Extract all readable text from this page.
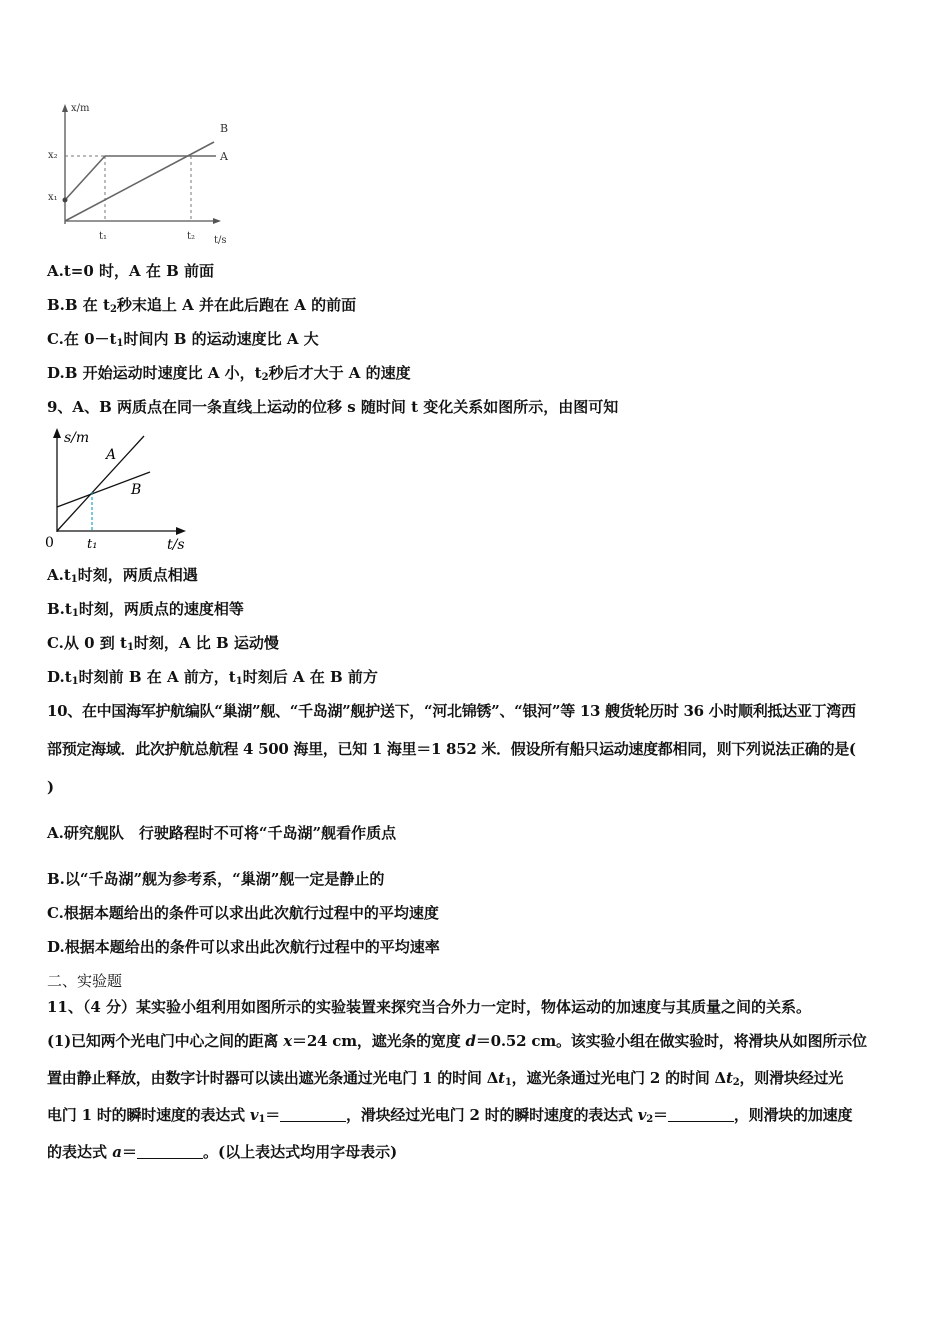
x/m
t/s
t₁	t₂
x₂
x₁
B
A
A.t=0 时，A 在 B 前面
B.B 在 $t_2$秒末追上 A 并在此后跑在 A 的前面
C.在 $0-t_1$时间内 B 的运动速度比 A 大
D.B 开始运动时速度比 A 小，$t_2$秒后才大于 A 的速度
9、A、B 两质点在同一条直线上运动的位移 s 随时间 t 变化关系如图所示，由图可知
s/m
t/s
0	t₁
A
B
$A.t_1$时刻，两质点相遇
$B.t_1$时刻，两质点的速度相等
C.从 0 到 $t_1$时刻，A 比 B 运动慢
$D.t_1$时刻前 B 在 A 前方，$t_1$时刻后 A 在 B 前方
10、在中国海军护航编队“巢湖”舰、“千岛湖”舰护送下，“河北锦锈”、“银河”等 13 艘货轮历时 36 小时顺利抵达亚丁湾西
部预定海域．此次护航总航程 4 500 海里，已知 1 海里＝1 852 米．假设所有船只运动速度都相同，则下列说法正确的是(
)
A.研究舰队　行驶路程时不可将“千岛湖”舰看作质点
B.以“千岛湖”舰为参考系，“巢湖”舰一定是静止的
C.根据本题给出的条件可以求出此次航行过程中的平均速度
D.根据本题给出的条件可以求出此次航行过程中的平均速率
二、实验题
11、（4 分）某实验小组利用如图所示的实验装置来探究当合外力一定时，物体运动的加速度与其质量之间的关系。
(1)已知两个光电门中心之间的距离 x＝24 cm，遮光条的宽度 d＝0.52 cm。该实验小组在做实验时，将滑块从如图所示位
置由静止释放，由数字计时器可以读出遮光条通过光电门 1 的时间 $\Delta t_1$，遮光条通过光电门 2 的时间 $\Delta t_2$，则滑块经过光
电门 1 时的瞬时速度的表达式 $v_1=$	，滑块经过光电门 2 时的瞬时速度的表达式 $v_2=$	，则滑块的加速度
的表达式 a＝	。(以上表达式均用字母表示)
